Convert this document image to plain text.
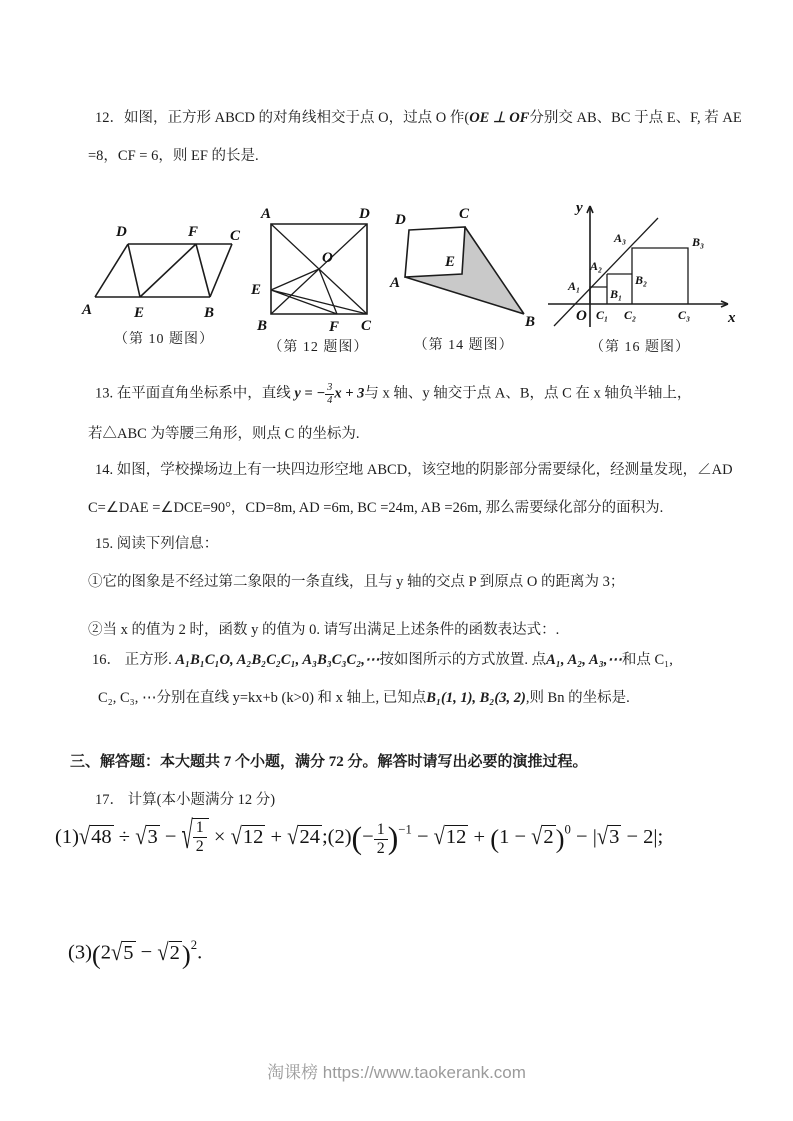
12．如图，正方形 ABCD 的对角线相交于点 O，过点 O 作(OE ⊥ OF分别交 AB、BC 于点 E、F, 若 AE
=8，CF = 6，则 EF 的长是.
A	E	B
D	F C
（第 10 题图）
A	D
B	C
E
F
O
（第 12 题图）
D	C
E
A
B
（第 14 题图）
y
x
O
A₁
B₁
C₁
A₂
B₂
C₂
A₃	B₃
C₃
（第 16 题图）
13. 在平面直角坐标系中，直线 y = − $\frac{3}{4}$ x + 3与 x 轴、y 轴交于点 A、B，点 C 在 x 轴负半轴上，
若△ABC 为等腰三角形，则点 C 的坐标为.
14. 如图，学校操场边上有一块四边形空地 ABCD，该空地的阴影部分需要绿化，经测量发现，∠AD
C=∠DAE =∠DCE=90°，CD=8m, AD =6m, BC =24m, AB =26m, 那么需要绿化部分的面积为.
15. 阅读下列信息：
①它的图象是不经过第二象限的一条直线，且与 y 轴的交点 P 到原点 O 的距离为 3；
②当 x 的值为 2 时，函数 y 的值为 0. 请写出满足上述条件的函数表达式：.
16． 正方形. A₁B₁C₁O, A₂B₂C₂C₁, A₃B₃C₃C₂,⋯按如图所示的方式放置. 点A₁, A₂, A₃,⋯和点 C₁,
C₂, C₃, ⋯分别在直线 y=kx+b (k>0) 和 x 轴上, 已知点B₁(1, 1), B₂(3, 2),则 Bn 的坐标是.
三、解答题：本大题共 7 个小题，满分 72 分。解答时请写出必要的演推过程。
17． 计算(本小题满分 12 分)
(1)√48 ÷ √3 − √ $\frac{1}{2} \times √12$ + √24;(2)(− $\frac{1}{2} )^{-1} - √12 + (1 - √2)^0 - |√3 - 2|$;
$(3)(2√5 - √2)^2$.
淘课榜 https://www.taokerank.com
